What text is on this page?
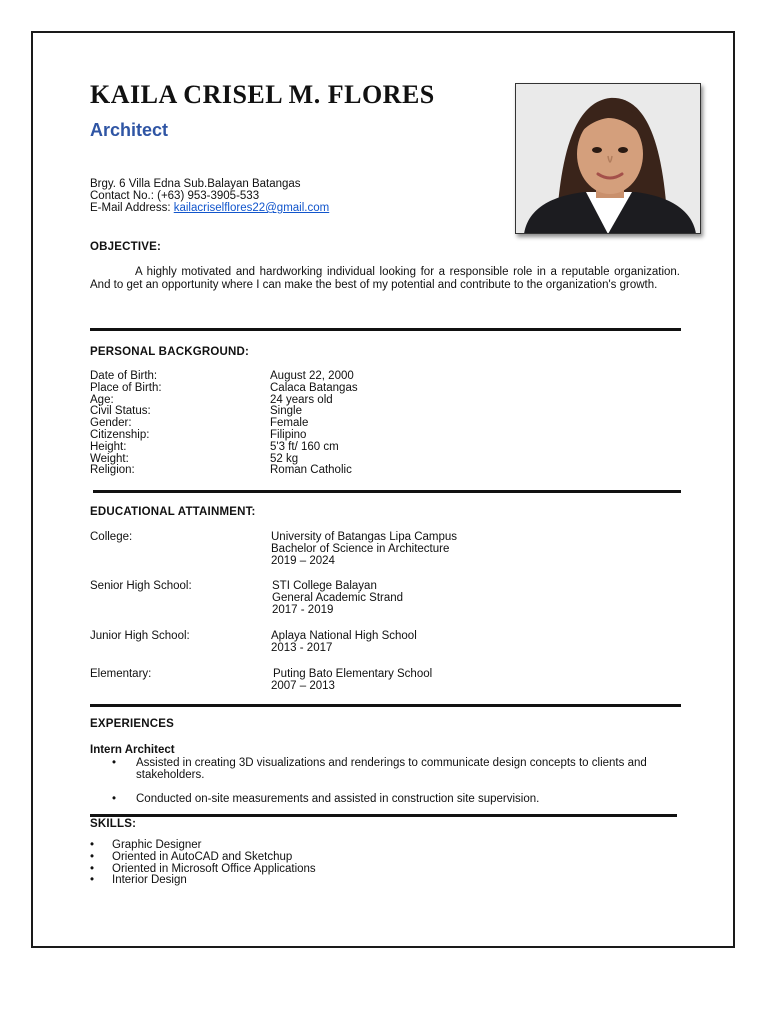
KAILA CRISEL M. FLORES
Architect
Brgy. 6 Villa Edna Sub.Balayan Batangas
Contact No.: (+63) 953-3905-533
E-Mail Address: kailacriselflores22@gmail.com
OBJECTIVE:

A highly motivated and hardworking individual looking for a responsible role in a reputable organization. And to get an opportunity where I can make the best of my potential and contribute to the organization's growth.

PERSONAL BACKGROUND:
Date of Birth:	August 22, 2000
Place of Birth:	Calaca Batangas
Age:	24 years old
Civil Status:	Single
Gender:	Female
Citizenship:	Filipino
Height:	5'3 ft/ 160 cm
Weight:	52 kg
Religion:	Roman Catholic
EDUCATIONAL ATTAINMENT:
College:	University of Batangas Lipa Campus
Bachelor of Science in Architecture
2019 – 2024
Senior High School:	STI College Balayan
General Academic Strand
2017 - 2019
Junior High School:	Aplaya National High School
2013 - 2017
Elementary:	Puting Bato Elementary School
2007 – 2013
EXPERIENCES
Intern Architect
• Assisted in creating 3D visualizations and renderings to communicate design concepts to clients and stakeholders.
• Conducted on-site measurements and assisted in construction site supervision.
SKILLS:
• Graphic Designer
• Oriented in AutoCAD and Sketchup
• Oriented in Microsoft Office Applications
• Interior Design
